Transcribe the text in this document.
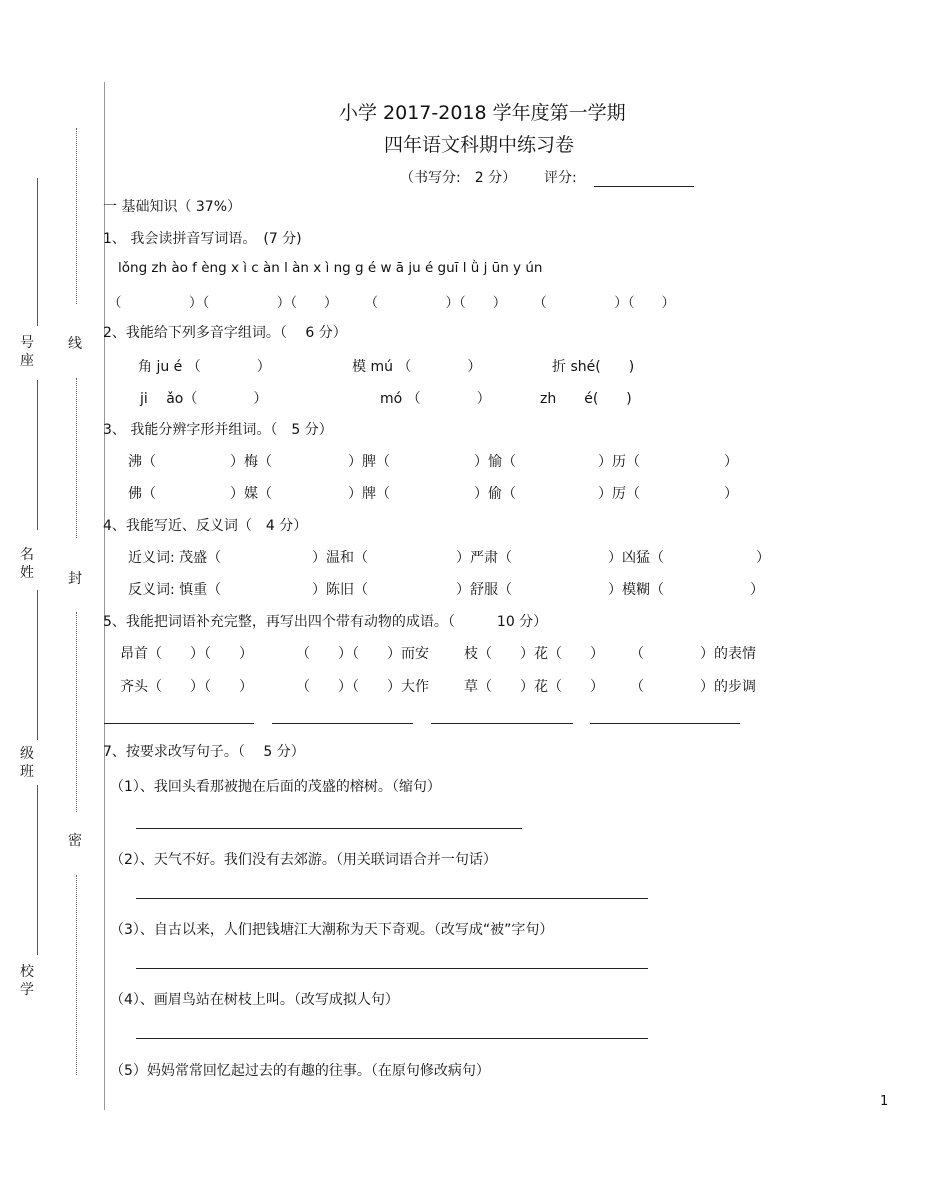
号座
名姓
级班
校学
线
封
密
小学 2017-2018 学年度第一学期
四年语文科期中练习卷
（书写分:　2 分） 评分:
一 基础知识（ 37%）
1、 我会读拼音写词语。　(7 分)
lǒng zh ào f èng x ì c àn l àn x ì ng g é w ā ju é guī l ǜ j ūn y ún
（　　　　　）（　　　　　）（　　）　　　（　　　　　）（　　）　　　（　　　　　）（　　）
2、我能给下列多音字组词。（　 6 分）
角 ju é （　　　　）	模 mú （　　　　）	折 shé(　　)
ji　 ǎo（　　　　）	mó （　　　　）	zh　　é(　　)
3、 我能分辨字形并组词。（　5 分）
沸（	）梅（	）脾（	）愉（	）历（	）
佛（	）媒（	）牌（	）偷（	）厉（	）
4、我能写近、反义词（　4 分）
近义词: 茂盛（	）温和（	）严肃（	）凶猛（	）
反义词: 慎重（	）陈旧（	）舒服（	）模糊（	）
5、我能把词语补充完整，再写出四个带有动物的成语。（　　　10 分）
昂首（　　）（　　）	（　　）（　　）而安	枝（　　）花（　　） （　　　　）的表情
齐头（　　）（　　）	（　　）（　　）大作	草（　　）花（　　） （　　　　）的步调
7、按要求改写句子。（　 5 分）
（1）、我回头看那被抛在后面的茂盛的榕树。（缩句）
（2）、天气不好。我们没有去郊游。（用关联词语合并一句话）
（3）、自古以来，人们把钱塘江大潮称为天下奇观。（改写成“被”字句）
（4）、画眉鸟站在树枝上叫。（改写成拟人句）
（5）妈妈常常回忆起过去的有趣的往事。（在原句修改病句）
1
